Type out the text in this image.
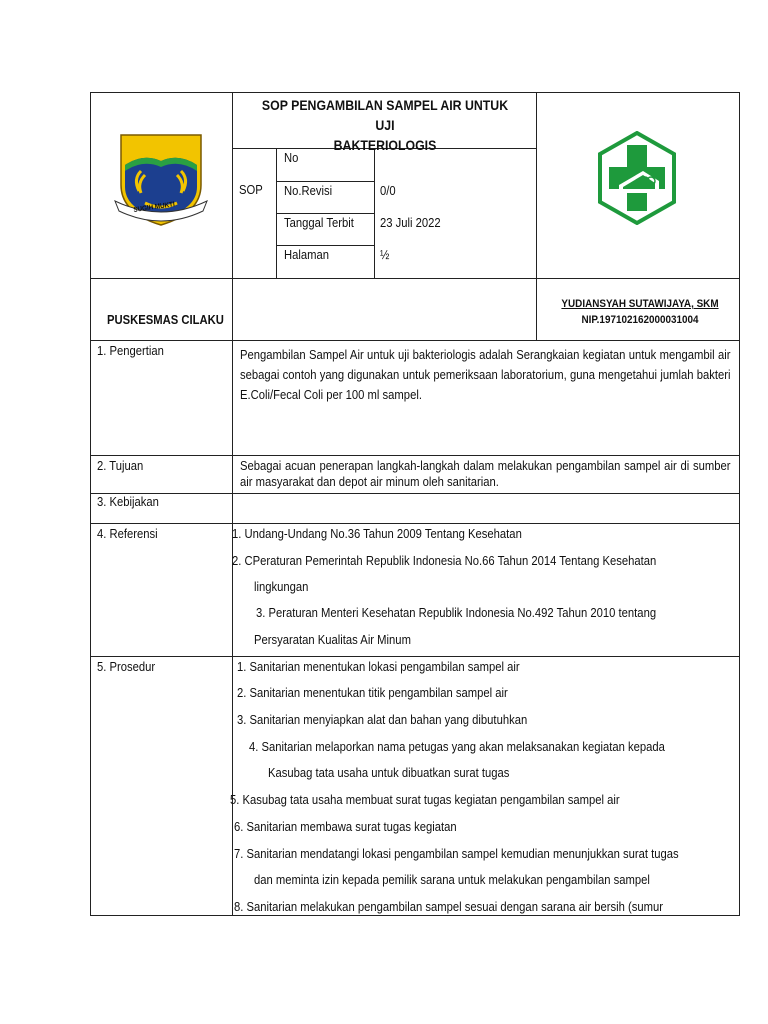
SUGIH MUKTI
SOP PENGAMBILAN SAMPEL AIR UNTUK UJI
BAKTERIOLOGIS
SOP
No
No.Revisi	0/0
Tanggal Terbit 23 Juli 2022
Halaman	½
PUSKESMAS CILAKU
YUDIANSYAH SUTAWIJAYA, SKM
NIP.197102162000031004
1. Pengertian	Pengambilan Sampel Air untuk uji bakteriologis adalah Serangkaian kegiatan untuk mengambil air sebagai contoh yang digunakan untuk pemeriksaan laboratorium, guna mengetahui jumlah bakteri E.Coli/Fecal Coli per 100 ml sampel.
2. Tujuan	Sebagai acuan penerapan langkah-langkah dalam melakukan pengambilan sampel air di sumber air masyarakat dan depot air minum oleh sanitarian.
3. Kebijakan
4. Referensi	1. Undang-Undang No.36 Tahun 2009 Tentang Kesehatan
2. CPeraturan Pemerintah Republik Indonesia No.66 Tahun 2014 Tentang Kesehatan
lingkungan
3. Peraturan Menteri Kesehatan Republik Indonesia No.492 Tahun 2010 tentang
Persyaratan Kualitas Air Minum
5. Prosedur	1. Sanitarian menentukan lokasi pengambilan sampel air
2. Sanitarian menentukan titik pengambilan sampel air
3. Sanitarian menyiapkan alat dan bahan yang dibutuhkan
4. Sanitarian melaporkan nama petugas yang akan melaksanakan kegiatan kepada
Kasubag tata usaha untuk dibuatkan surat tugas
5. Kasubag tata usaha membuat surat tugas kegiatan pengambilan sampel air
6. Sanitarian membawa surat tugas kegiatan
7. Sanitarian mendatangi lokasi pengambilan sampel kemudian menunjukkan surat tugas
dan meminta izin kepada pemilik sarana untuk melakukan pengambilan sampel
8. Sanitarian melakukan pengambilan sampel sesuai dengan sarana air bersih (sumur
